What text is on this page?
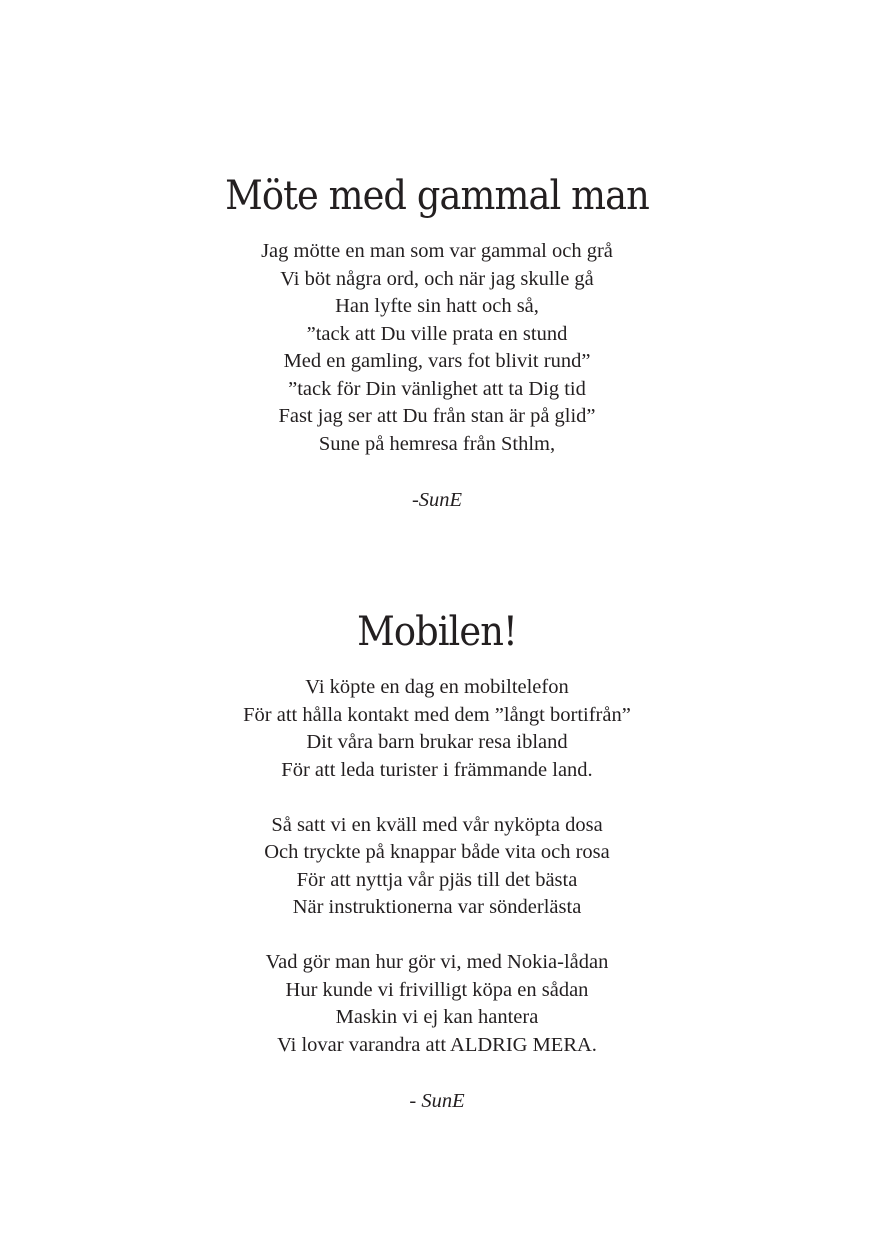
Möte med gammal man
Jag mötte en man som var gammal och grå
Vi böt några ord, och när jag skulle gå
Han lyfte sin hatt och så,
”tack att Du ville prata en stund
Med en gamling, vars fot blivit rund”
”tack för Din vänlighet att ta Dig tid
Fast jag ser att Du från stan är på glid”
Sune på hemresa från Sthlm,
-SunE
Mobilen!
Vi köpte en dag en mobiltelefon
För att hålla kontakt med dem ”långt bortifrån”
Dit våra barn brukar resa ibland
För att leda turister i främmande land.
Så satt vi en kväll med vår nyköpta dosa
Och tryckte på knappar både vita och rosa
För att nyttja vår pjäs till det bästa
När instruktionerna var sönderlästa
Vad gör man hur gör vi, med Nokia-lådan
Hur kunde vi frivilligt köpa en sådan
Maskin vi ej kan hantera
Vi lovar varandra att ALDRIG MERA.
- SunE
